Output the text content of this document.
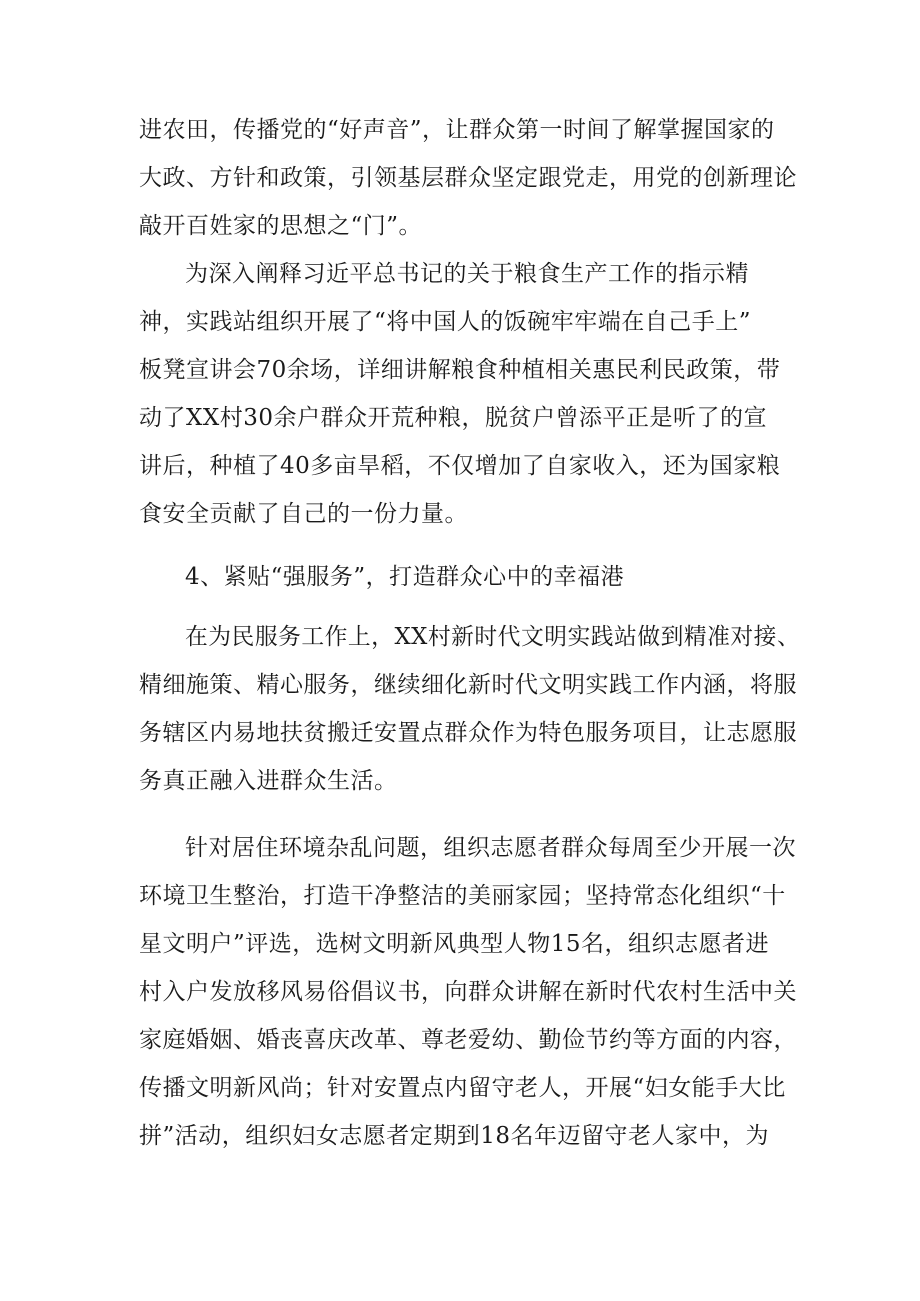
进农田，传播党的“好声音”，让群众第一时间了解掌握国家的

大政、方针和政策，引领基层群众坚定跟党走，用党的创新理论

敲开百姓家的思想之“门”。

为深入阐释习近平总书记的关于粮食生产工作的指示精

神，实践站组织开展了“将中国人的饭碗牢牢端在自己手上”

板凳宣讲会70余场，详细讲解粮食种植相关惠民利民政策，带

动了XX村30余户群众开荒种粮，脱贫户曾添平正是听了的宣

讲后，种植了40多亩旱稻，不仅增加了自家收入，还为国家粮

食安全贡献了自己的一份力量。

4、紧贴“强服务”，打造群众心中的幸福港

在为民服务工作上，XX村新时代文明实践站做到精准对接、

精细施策、精心服务，继续细化新时代文明实践工作内涵，将服

务辖区内易地扶贫搬迁安置点群众作为特色服务项目，让志愿服

务真正融入进群众生活。

针对居住环境杂乱问题，组织志愿者群众每周至少开展一次

环境卫生整治，打造干净整洁的美丽家园；坚持常态化组织“十

星文明户”评选，选树文明新风典型人物15名，组织志愿者进

村入户发放移风易俗倡议书，向群众讲解在新时代农村生活中关

家庭婚姻、婚丧喜庆改革、尊老爱幼、勤俭节约等方面的内容，

传播文明新风尚；针对安置点内留守老人，开展“妇女能手大比

拼”活动，组织妇女志愿者定期到18名年迈留守老人家中，为
